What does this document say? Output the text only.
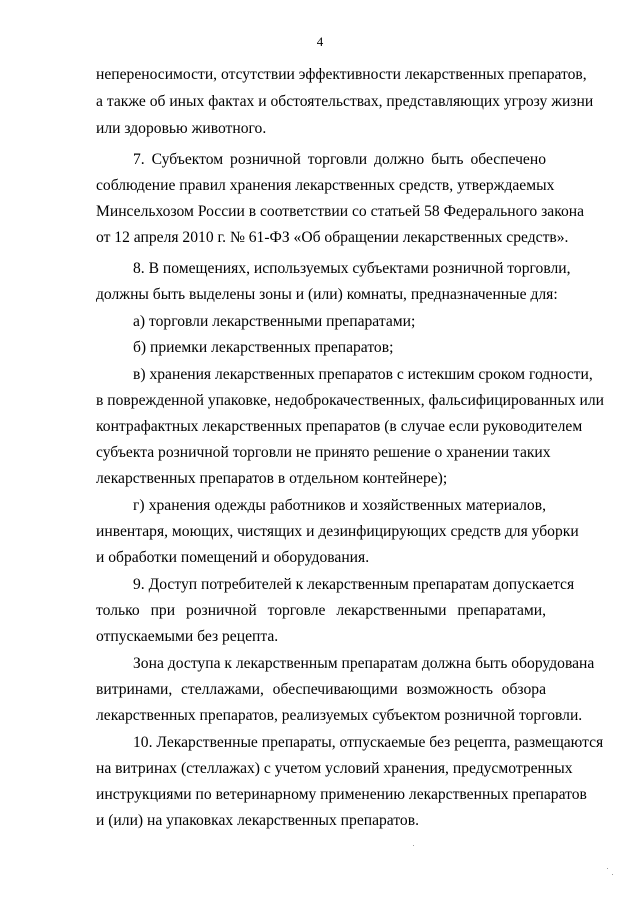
4
непереносимости, отсутствии эффективности лекарственных препаратов,
а также об иных фактах и обстоятельствах, представляющих угрозу жизни
или здоровью животного.
7. Субъектом розничной торговли должно быть обеспечено
соблюдение правил хранения лекарственных средств, утверждаемых
Минсельхозом России в соответствии со статьей 58 Федерального закона
от 12 апреля 2010 г. № 61-ФЗ «Об обращении лекарственных средств».
8. В помещениях, используемых субъектами розничной торговли,
должны быть выделены зоны и (или) комнаты, предназначенные для:
а) торговли лекарственными препаратами;
б) приемки лекарственных препаратов;
в) хранения лекарственных препаратов с истекшим сроком годности,
в поврежденной упаковке, недоброкачественных, фальсифицированных или
контрафактных лекарственных препаратов (в случае если руководителем
субъекта розничной торговли не принято решение о хранении таких
лекарственных препаратов в отдельном контейнере);
г) хранения одежды работников и хозяйственных материалов,
инвентаря, моющих, чистящих и дезинфицирующих средств для уборки
и обработки помещений и оборудования.
9. Доступ потребителей к лекарственным препаратам допускается
только при розничной торговле лекарственными препаратами,
отпускаемыми без рецепта.
Зона доступа к лекарственным препаратам должна быть оборудована
витринами, стеллажами, обеспечивающими возможность обзора
лекарственных препаратов, реализуемых субъектом розничной торговли.
10. Лекарственные препараты, отпускаемые без рецепта, размещаются
на витринах (стеллажах) с учетом условий хранения, предусмотренных
инструкциями по ветеринарному применению лекарственных препаратов
и (или) на упаковках лекарственных препаратов.
